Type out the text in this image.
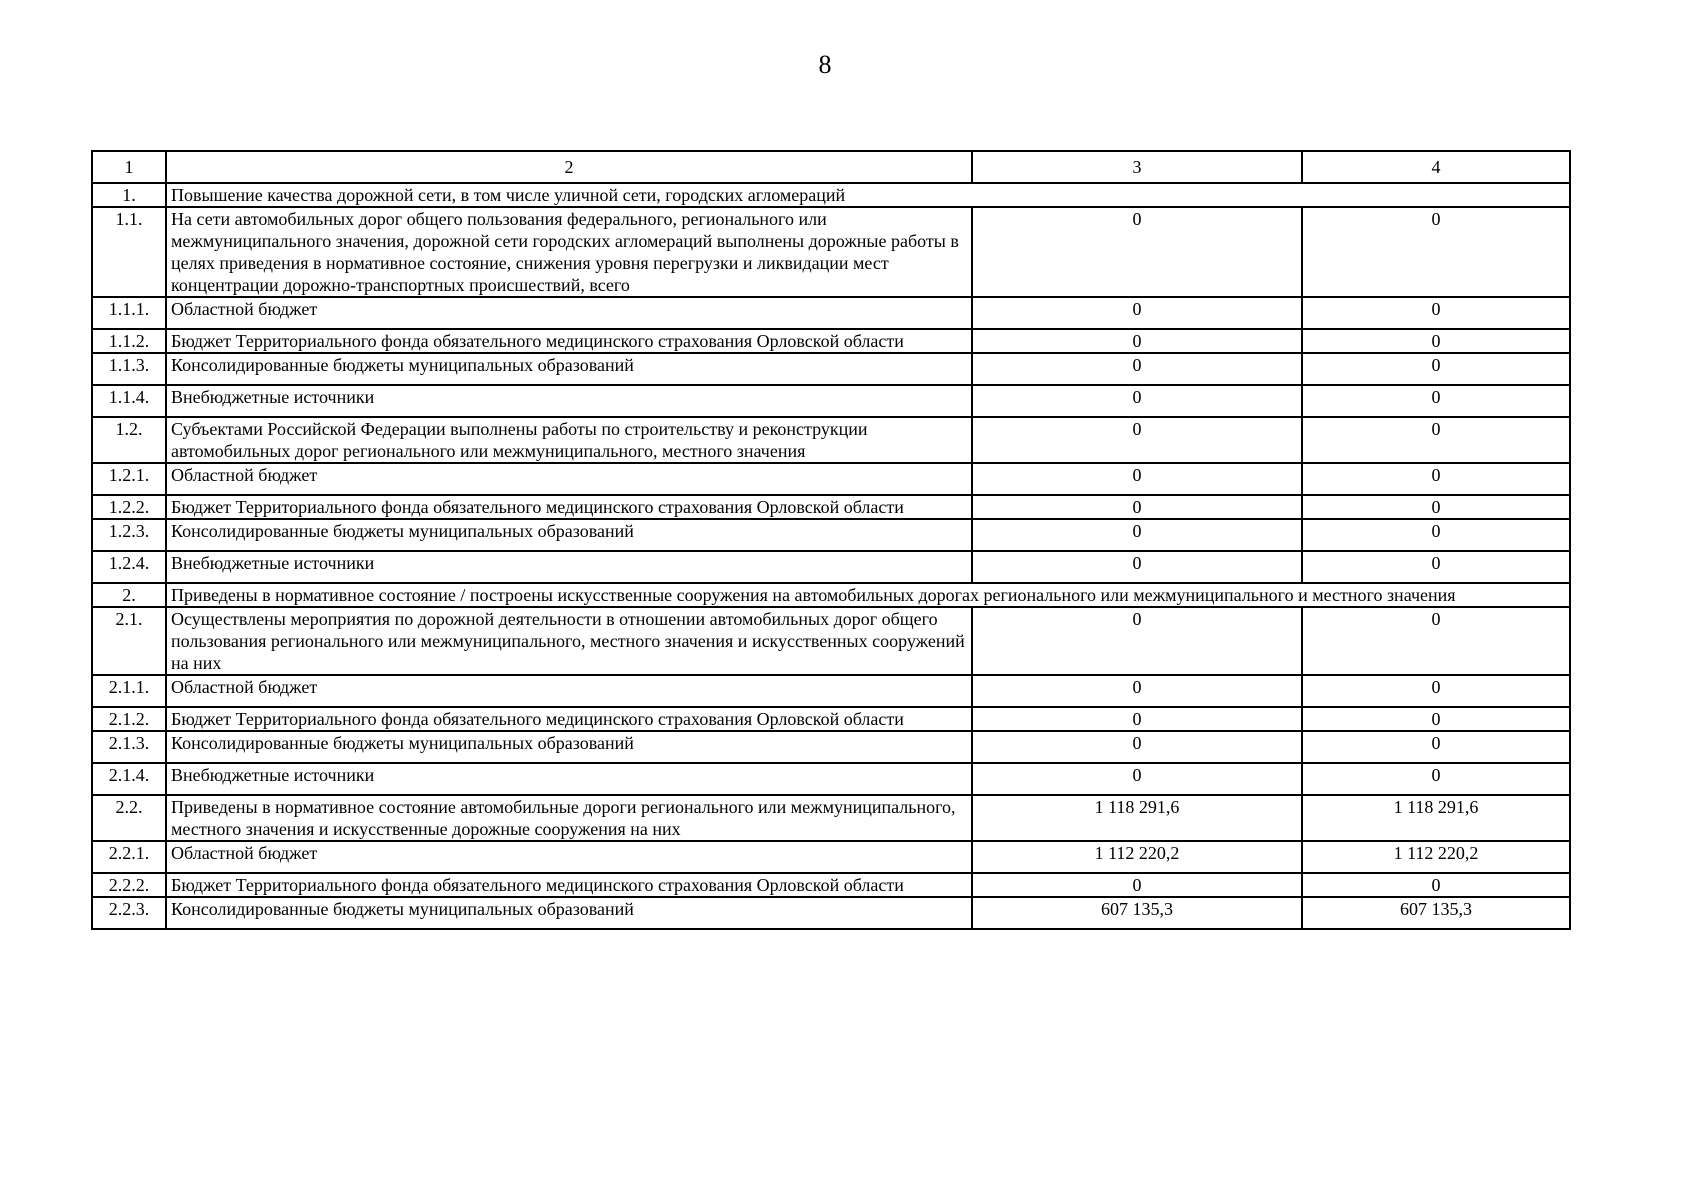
8
1	2	3	4
1.	Повышение качества дорожной сети, в том числе уличной сети, городских агломераций		
1.1.	На сети автомобильных дорог общего пользования федерального, регионального или межмуниципального значения, дорожной сети городских агломераций выполнены дорожные работы в целях приведения в нормативное состояние, снижения уровня перегрузки и ликвидации мест концентрации дорожно-транспортных происшествий, всего	0	0
1.1.1.	Областной бюджет	0	0
1.1.2.	Бюджет Территориального фонда обязательного медицинского страхования Орловской области	0	0
1.1.3.	Консолидированные бюджеты муниципальных образований	0	0
1.1.4.	Внебюджетные источники	0	0
1.2.	Субъектами Российской Федерации выполнены работы по строительству и реконструкции автомобильных дорог регионального или межмуниципального, местного значения	0	0
1.2.1.	Областной бюджет	0	0
1.2.2.	Бюджет Территориального фонда обязательного медицинского страхования Орловской области	0	0
1.2.3.	Консолидированные бюджеты муниципальных образований	0	0
1.2.4.	Внебюджетные источники	0	0
2.	Приведены в нормативное состояние / построены искусственные сооружения на автомобильных дорогах регионального или межмуниципального и местного значения		
2.1.	Осуществлены мероприятия по дорожной деятельности в отношении автомобильных дорог общего пользования регионального или межмуниципального, местного значения и искусственных сооружений на них	0	0
2.1.1.	Областной бюджет	0	0
2.1.2.	Бюджет Территориального фонда обязательного медицинского страхования Орловской области	0	0
2.1.3.	Консолидированные бюджеты муниципальных образований	0	0
2.1.4.	Внебюджетные источники	0	0
2.2.	Приведены в нормативное состояние автомобильные дороги регионального или межмуниципального, местного значения и искусственные дорожные сооружения на них	1 118 291,6	1 118 291,6
2.2.1.	Областной бюджет	1 112 220,2	1 112 220,2
2.2.2.	Бюджет Территориального фонда обязательного медицинского страхования Орловской области	0	0
2.2.3.	Консолидированные бюджеты муниципальных образований	607 135,3	607 135,3
